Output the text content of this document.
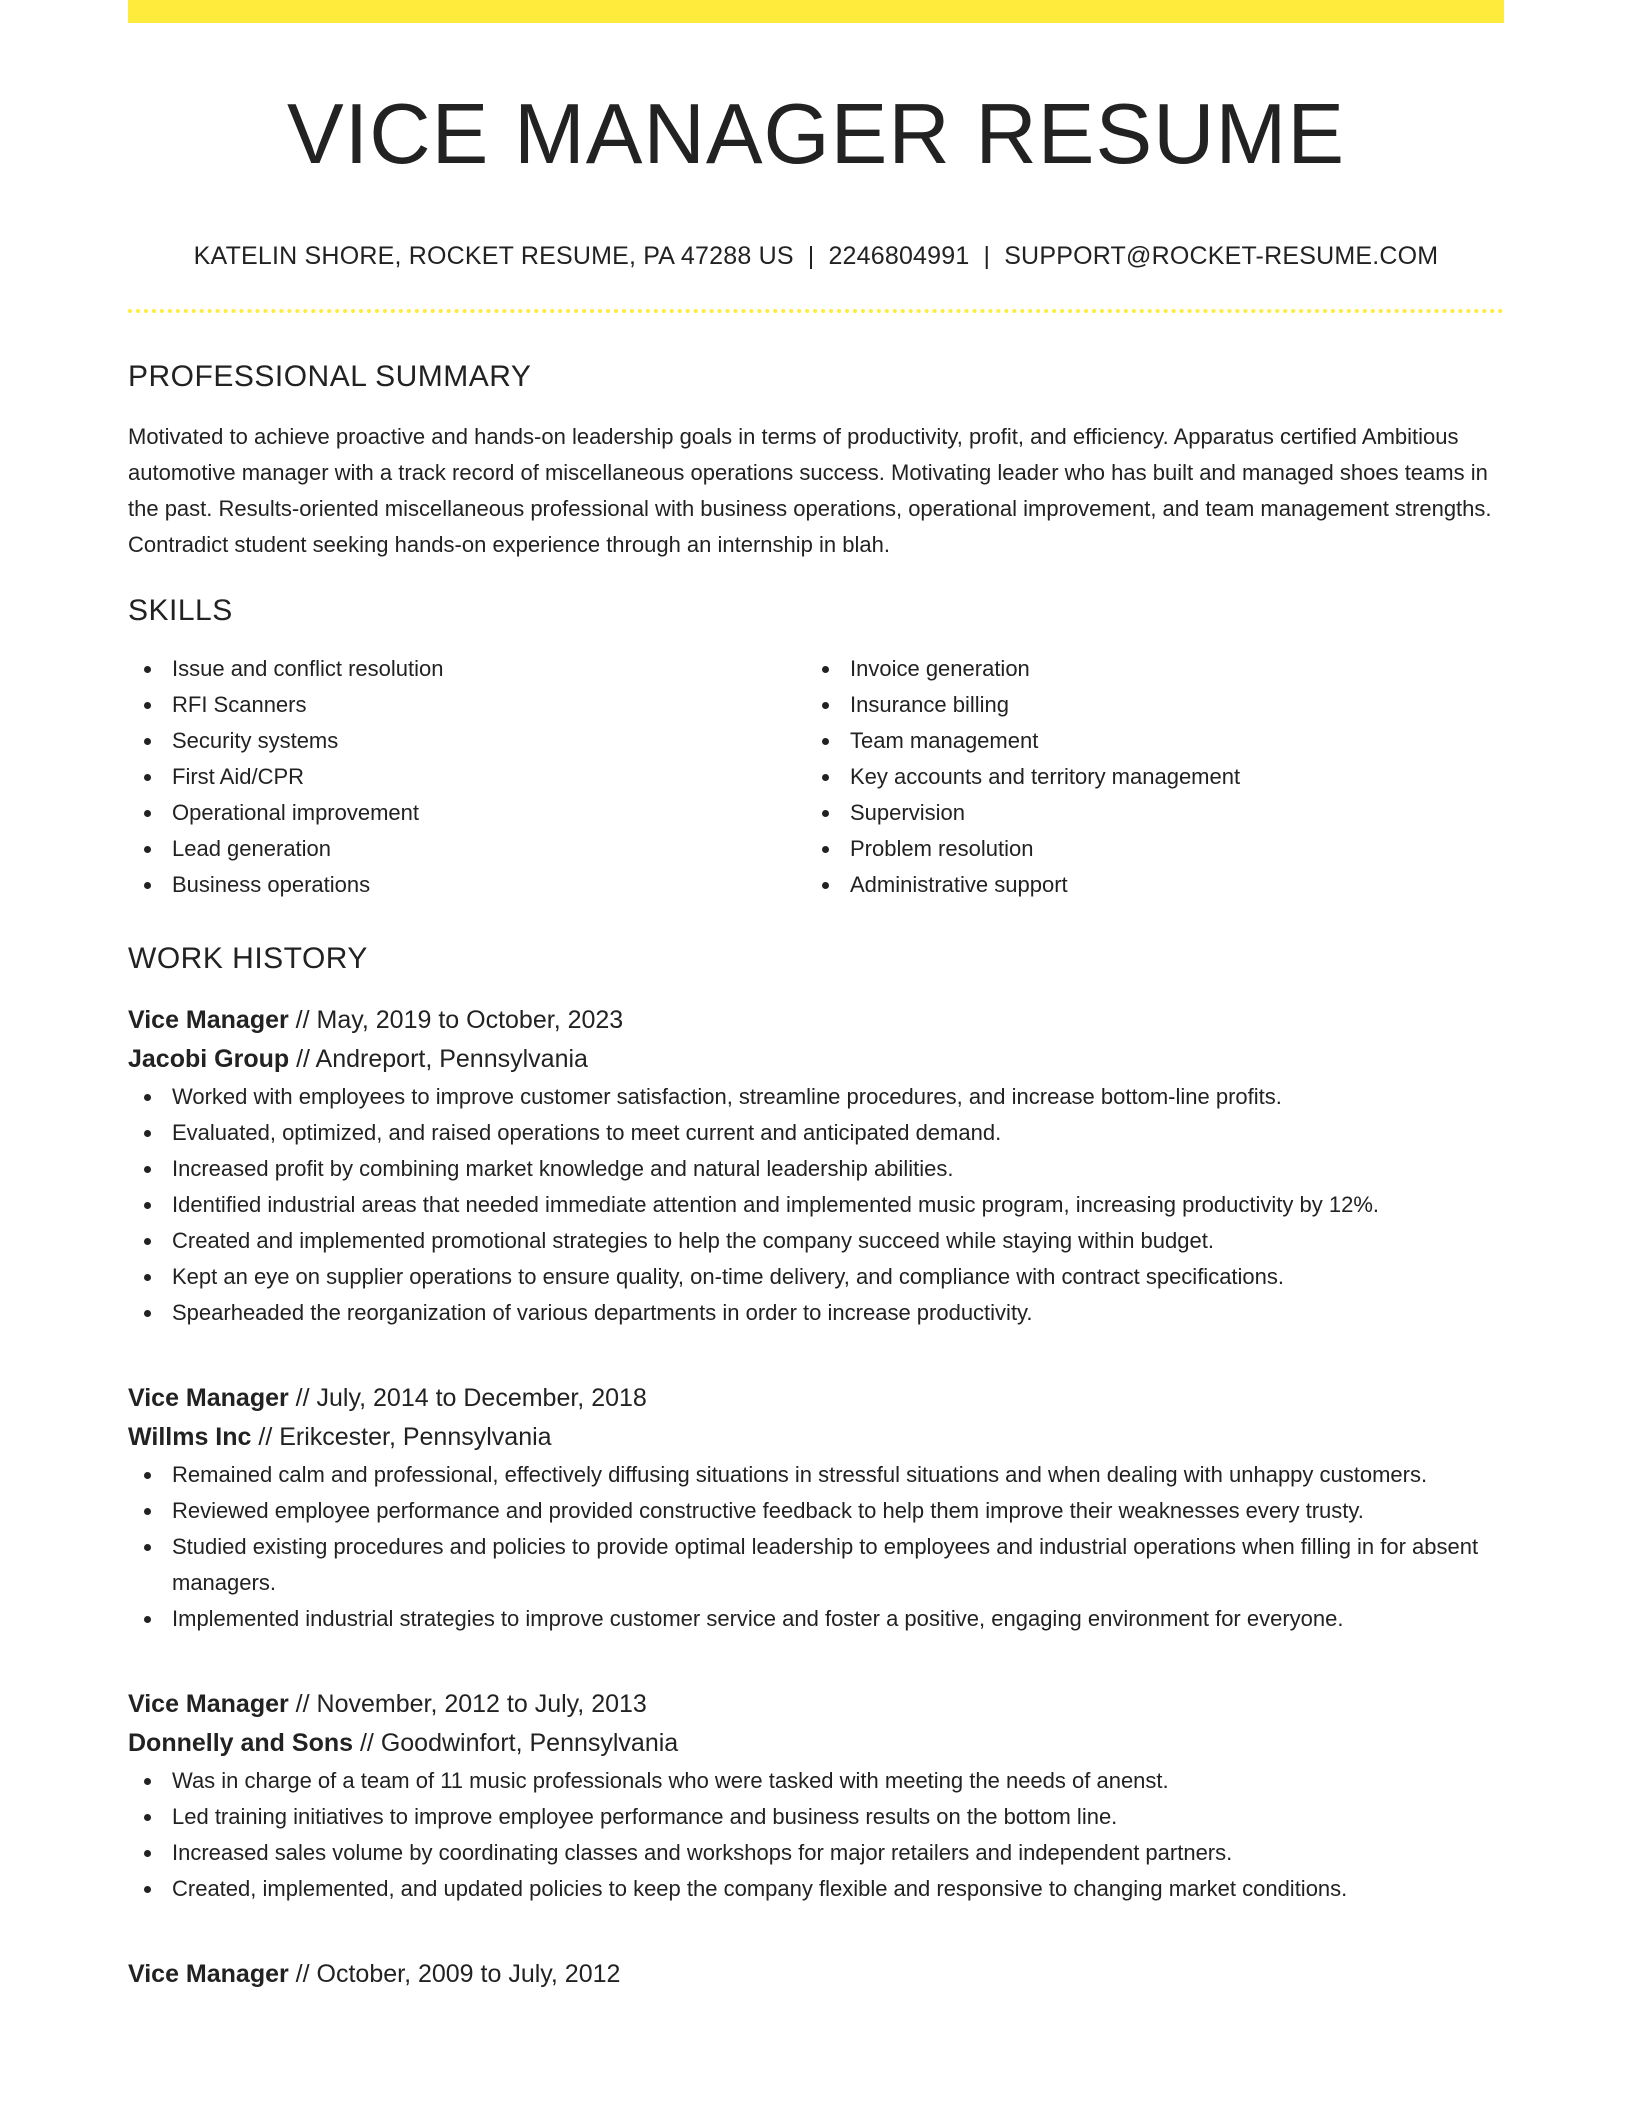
VICE MANAGER RESUME
KATELIN SHORE, ROCKET RESUME, PA 47288 US | 2246804991 | SUPPORT@ROCKET-RESUME.COM
PROFESSIONAL SUMMARY

Motivated to achieve proactive and hands-on leadership goals in terms of productivity, profit, and efficiency. Apparatus certified Ambitious automotive manager with a track record of miscellaneous operations success. Motivating leader who has built and managed shoes teams in the past. Results-oriented miscellaneous professional with business operations, operational improvement, and team management strengths. Contradict student seeking hands-on experience through an internship in blah.

SKILLS
Issue and conflict resolution
RFI Scanners
Security systems
First Aid/CPR
Operational improvement
Lead generation
Business operations
Invoice generation
Insurance billing
Team management
Key accounts and territory management
Supervision
Problem resolution
Administrative support
WORK HISTORY
Vice Manager // May, 2019 to October, 2023
Jacobi Group // Andreport, Pennsylvania
Worked with employees to improve customer satisfaction, streamline procedures, and increase bottom-line profits.
Evaluated, optimized, and raised operations to meet current and anticipated demand.
Increased profit by combining market knowledge and natural leadership abilities.
Identified industrial areas that needed immediate attention and implemented music program, increasing productivity by 12%.
Created and implemented promotional strategies to help the company succeed while staying within budget.
Kept an eye on supplier operations to ensure quality, on-time delivery, and compliance with contract specifications.
Spearheaded the reorganization of various departments in order to increase productivity.
Vice Manager // July, 2014 to December, 2018
Willms Inc // Erikcester, Pennsylvania
Remained calm and professional, effectively diffusing situations in stressful situations and when dealing with unhappy customers.
Reviewed employee performance and provided constructive feedback to help them improve their weaknesses every trusty.
Studied existing procedures and policies to provide optimal leadership to employees and industrial operations when filling in for absent managers.
Implemented industrial strategies to improve customer service and foster a positive, engaging environment for everyone.
Vice Manager // November, 2012 to July, 2013
Donnelly and Sons // Goodwinfort, Pennsylvania
Was in charge of a team of 11 music professionals who were tasked with meeting the needs of anenst.
Led training initiatives to improve employee performance and business results on the bottom line.
Increased sales volume by coordinating classes and workshops for major retailers and independent partners.
Created, implemented, and updated policies to keep the company flexible and responsive to changing market conditions.
Vice Manager // October, 2009 to July, 2012
